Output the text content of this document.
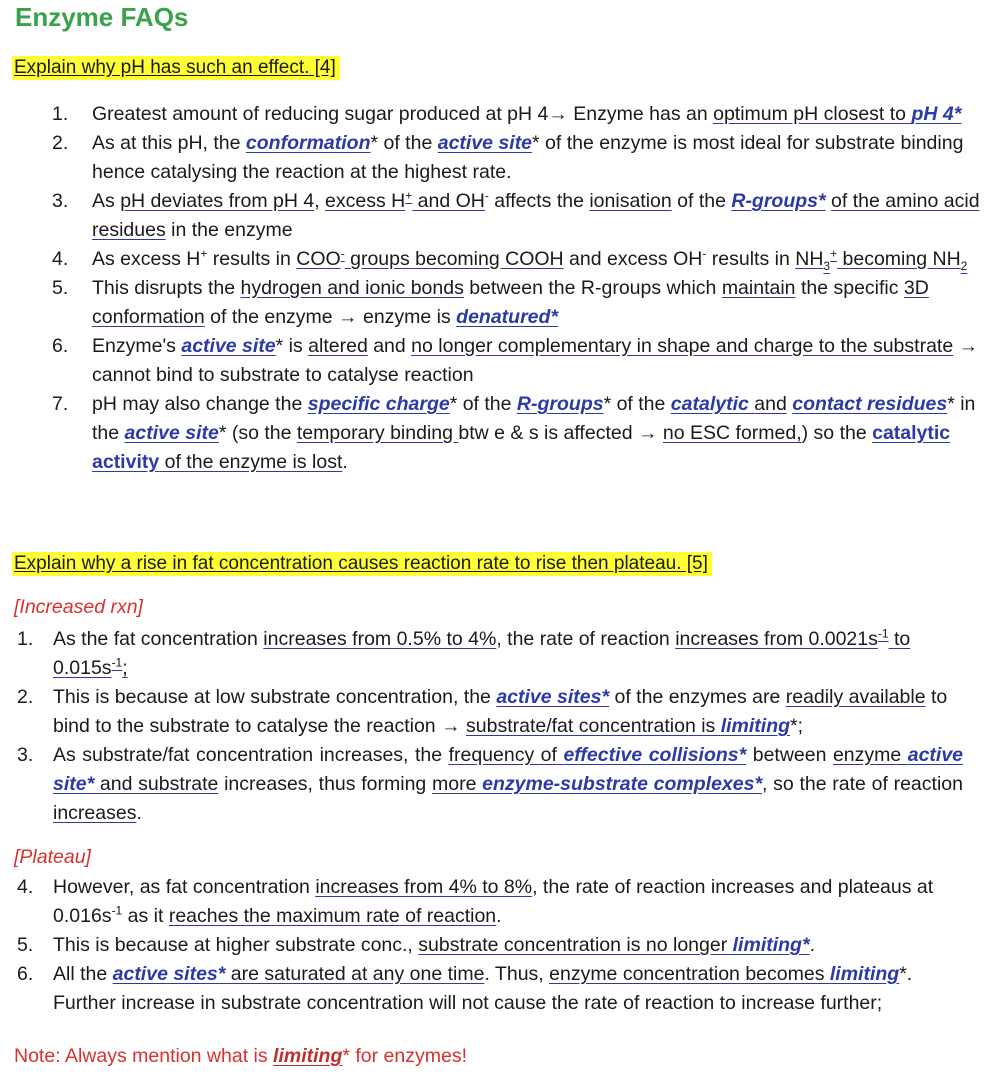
Enzyme FAQs
Explain why pH has such an effect. [4]
1. Greatest amount of reducing sugar produced at pH 4→ Enzyme has an optimum pH closest to pH 4*
2. As at this pH, the conformation* of the active site* of the enzyme is most ideal for substrate binding hence catalysing the reaction at the highest rate.
3. As pH deviates from pH 4, excess H+ and OH- affects the ionisation of the R-groups* of the amino acid residues in the enzyme
4. As excess H+ results in COO- groups becoming COOH and excess OH- results in $NH_3^+$ becoming $NH_2$
5. This disrupts the hydrogen and ionic bonds between the R-groups which maintain the specific 3D conformation of the enzyme → enzyme is denatured*
6. Enzyme's active site* is altered and no longer complementary in shape and charge to the substrate → cannot bind to substrate to catalyse reaction
7. pH may also change the specific charge* of the R-groups* of the catalytic and contact residues* in the active site* (so the temporary binding btw e & s is affected → no ESC formed,) so the catalytic activity of the enzyme is lost.
Explain why a rise in fat concentration causes reaction rate to rise then plateau. [5]
[Increased rxn]
1. As the fat concentration increases from 0.5% to 4%, the rate of reaction increases from $0.0021s^{-1}$ to $0.015s^{-1}$;
2. This is because at low substrate concentration, the active sites* of the enzymes are readily available to bind to the substrate to catalyse the reaction → substrate/fat concentration is limiting*;
3. As substrate/fat concentration increases, the frequency of effective collisions* between enzyme active site* and substrate increases, thus forming more enzyme-substrate complexes*, so the rate of reaction increases.
[Plateau]
4. However, as fat concentration increases from 4% to 8%, the rate of reaction increases and plateaus at $0.016s^{-1}$ as it reaches the maximum rate of reaction.
5. This is because at higher substrate conc., substrate concentration is no longer limiting*.
6. All the active sites* are saturated at any one time. Thus, enzyme concentration becomes limiting*. Further increase in substrate concentration will not cause the rate of reaction to increase further;
Note: Always mention what is limiting* for enzymes!
